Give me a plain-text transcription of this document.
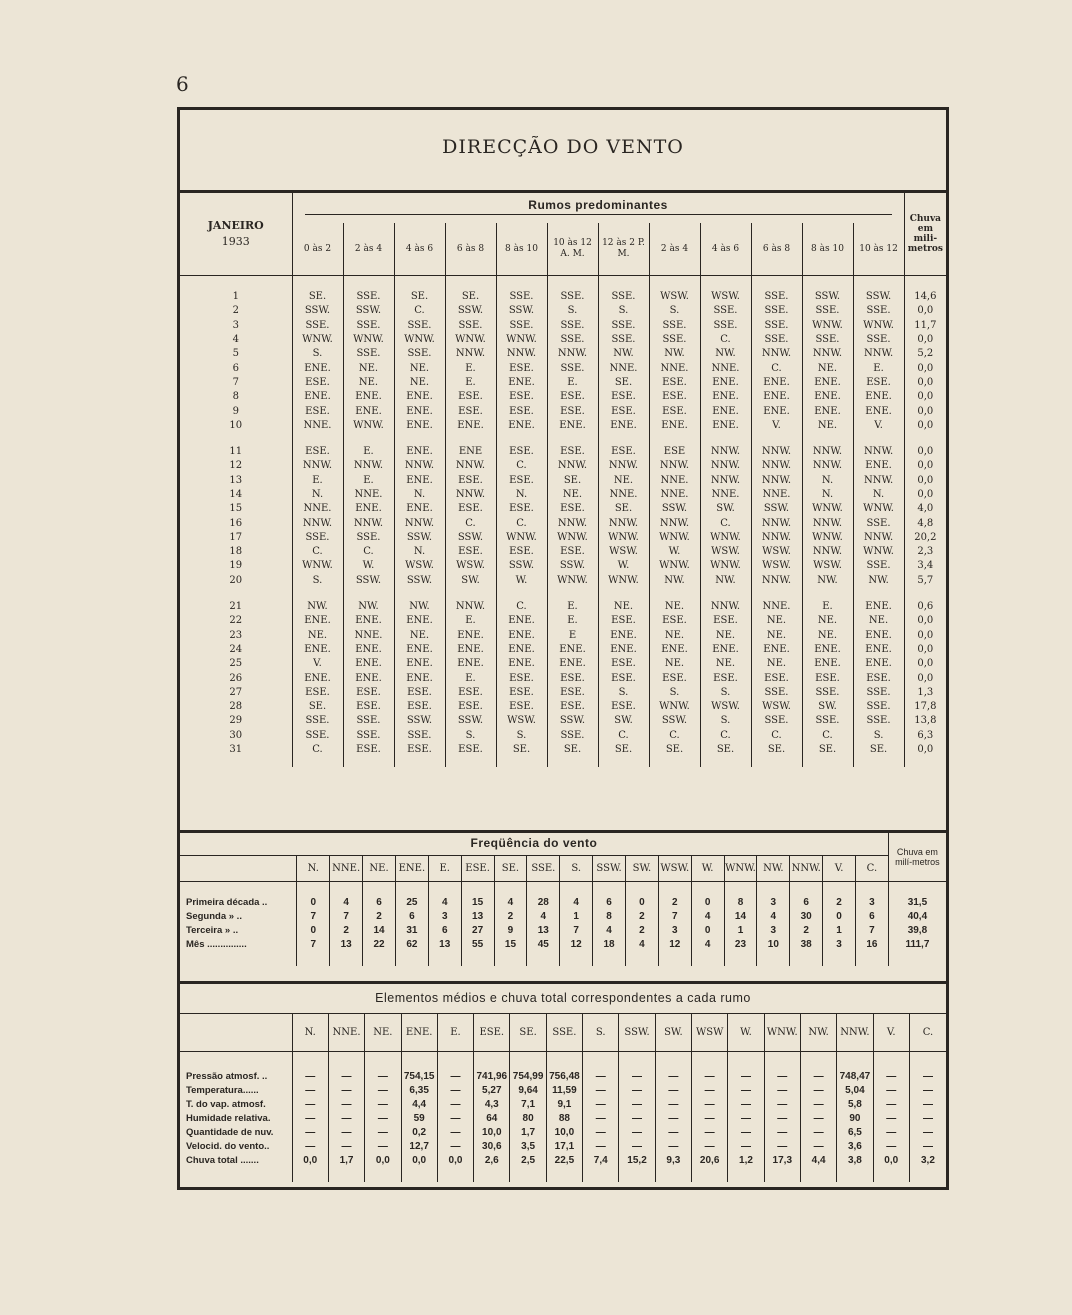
6
DIRECÇÃO DO VENTO
JANEIRO
1933	Rumos predominantes												Chuva em mili-metros
	0 às 2	2 às 4	4 às 6	6 às 8	8 às 10	10 às 12 A. M.	12 às 2 P. M.	2 às 4	4 às 6	6 às 8	8 às 10	10 às 12	

1	SE.	SSE.	SE.	SE.	SSE.	SSE.	SSE.	WSW.	WSW.	SSE.	SSW.	SSW.	14,6
2	SSW.	SSW.	C.	SSW.	SSW.	S.	S.	S.	SSE.	SSE.	SSE.	SSE.	0,0
3	SSE.	SSE.	SSE.	SSE.	SSE.	SSE.	SSE.	SSE.	SSE.	SSE.	WNW.	WNW.	11,7
4	WNW.	WNW.	WNW.	WNW.	WNW.	SSE.	SSE.	SSE.	C.	SSE.	SSE.	SSE.	0,0
5	S.	SSE.	SSE.	NNW.	NNW.	NNW.	NW.	NW.	NW.	NNW.	NNW.	NNW.	5,2
6	ENE.	NE.	NE.	E.	ESE.	SSE.	NNE.	NNE.	NNE.	C.	NE.	E.	0,0
7	ESE.	NE.	NE.	E.	ENE.	E.	SE.	ESE.	ENE.	ENE.	ENE.	ESE.	0,0
8	ENE.	ENE.	ENE.	ESE.	ESE.	ESE.	ESE.	ESE.	ENE.	ENE.	ENE.	ENE.	0,0
9	ESE.	ENE.	ENE.	ESE.	ESE.	ESE.	ESE.	ESE.	ENE.	ENE.	ENE.	ENE.	0,0
10	NNE.	WNW.	ENE.	ENE.	ENE.	ENE.	ENE.	ENE.	ENE.	V.	NE.	V.	0,0

11	ESE.	E.	ENE.	ENE	ESE.	ESE.	ESE.	ESE	NNW.	NNW.	NNW.	NNW.	0,0
12	NNW.	NNW.	NNW.	NNW.	C.	NNW.	NNW.	NNW.	NNW.	NNW.	NNW.	ENE.	0,0
13	E.	E.	ENE.	ESE.	ESE.	SE.	NE.	NNE.	NNW.	NNW.	N.	NNW.	0,0
14	N.	NNE.	N.	NNW.	N.	NE.	NNE.	NNE.	NNE.	NNE.	N.	N.	0,0
15	NNE.	ENE.	ENE.	ESE.	ESE.	ESE.	SE.	SSW.	SW.	SSW.	WNW.	WNW.	4,0
16	NNW.	NNW.	NNW.	C.	C.	NNW.	NNW.	NNW.	C.	NNW.	NNW.	SSE.	4,8
17	SSE.	SSE.	SSW.	SSW.	WNW.	WNW.	WNW.	WNW.	WNW.	NNW.	WNW.	NNW.	20,2
18	C.	C.	N.	ESE.	ESE.	ESE.	WSW.	W.	WSW.	WSW.	NNW.	WNW.	2,3
19	WNW.	W.	WSW.	WSW.	SSW.	SSW.	W.	WNW.	WNW.	WSW.	WSW.	SSE.	3,4
20	S.	SSW.	SSW.	SW.	W.	WNW.	WNW.	NW.	NW.	NNW.	NW.	NW.	5,7

21	NW.	NW.	NW.	NNW.	C.	E.	NE.	NE.	NNW.	NNE.	E.	ENE.	0,6
22	ENE.	ENE.	ENE.	E.	ENE.	E.	ESE.	ESE.	ESE.	NE.	NE.	NE.	0,0
23	NE.	NNE.	NE.	ENE.	ENE.	E	ENE.	NE.	NE.	NE.	NE.	ENE.	0,0
24	ENE.	ENE.	ENE.	ENE.	ENE.	ENE.	ENE.	ENE.	ENE.	ENE.	ENE.	ENE.	0,0
25	V.	ENE.	ENE.	ENE.	ENE.	ENE.	ESE.	NE.	NE.	NE.	ENE.	ENE.	0,0
26	ENE.	ENE.	ENE.	E.	ESE.	ESE.	ESE.	ESE.	ESE.	ESE.	ESE.	ESE.	0,0
27	ESE.	ESE.	ESE.	ESE.	ESE.	ESE.	S.	S.	S.	SSE.	SSE.	SSE.	1,3
28	SE.	ESE.	ESE.	ESE.	ESE.	ESE.	ESE.	WNW.	WSW.	WSW.	SW.	SSE.	17,8
29	SSE.	SSE.	SSW.	SSW.	WSW.	SSW.	SW.	SSW.	S.	SSE.	SSE.	SSE.	13,8
30	SSE.	SSE.	SSE.	S.	S.	SSE.	C.	C.	C.	C.	C.	S.	6,3
31	C.	ESE.	ESE.	ESE.	SE.	SE.	SE.	SE.	SE.	SE.	SE.	SE.	0,0

Freqüência do vento																			Chuva em milí-metros
	N.	NNE.	NE.	ENE.	E.	ESE.	SE.	SSE.	S.	SSW.	SW.	WSW.	W.	WNW.	NW.	NNW.	V.	C.	

Primeira década ..	0	4	6	25	4	15	4	28	4	6	0	2	0	8	3	6	2	3	31,5
Segunda » ..	7	7	2	6	3	13	2	4	1	8	2	7	4	14	4	30	0	6	40,4
Terceira » ..	0	2	14	31	6	27	9	13	7	4	2	3	0	1	3	2	1	7	39,8
Mês ...............	7	13	22	62	13	55	15	45	12	18	4	12	4	23	10	38	3	16	111,7

Elementos médios e chuva total correspondentes a cada rumo																		
	N.	NNE.	NE.	ENE.	E.	ESE.	SE.	SSE.	S.	SSW.	SW.	WSW	W.	WNW.	NW.	NNW.	V.	C.

Pressão atmosf. ..	—	—	—	754,15	—	741,96	754,99	756,48	—	—	—	—	—	—	—	748,47	—	—
Temperatura......	—	—	—	6,35	—	5,27	9,64	11,59	—	—	—	—	—	—	—	5,04	—	—
T. do vap. atmosf.	—	—	—	4,4	—	4,3	7,1	9,1	—	—	—	—	—	—	—	5,8	—	—
Humidade relativa.	—	—	—	59	—	64	80	88	—	—	—	—	—	—	—	90	—	—
Quantidade de nuv.	—	—	—	0,2	—	10,0	1,7	10,0	—	—	—	—	—	—	—	6,5	—	—
Velocid. do vento..	—	—	—	12,7	—	30,6	3,5	17,1	—	—	—	—	—	—	—	3,6	—	—
Chuva total .......	0,0	1,7	0,0	0,0	0,0	2,6	2,5	22,5	7,4	15,2	9,3	20,6	1,2	17,3	4,4	3,8	0,0	3,2
